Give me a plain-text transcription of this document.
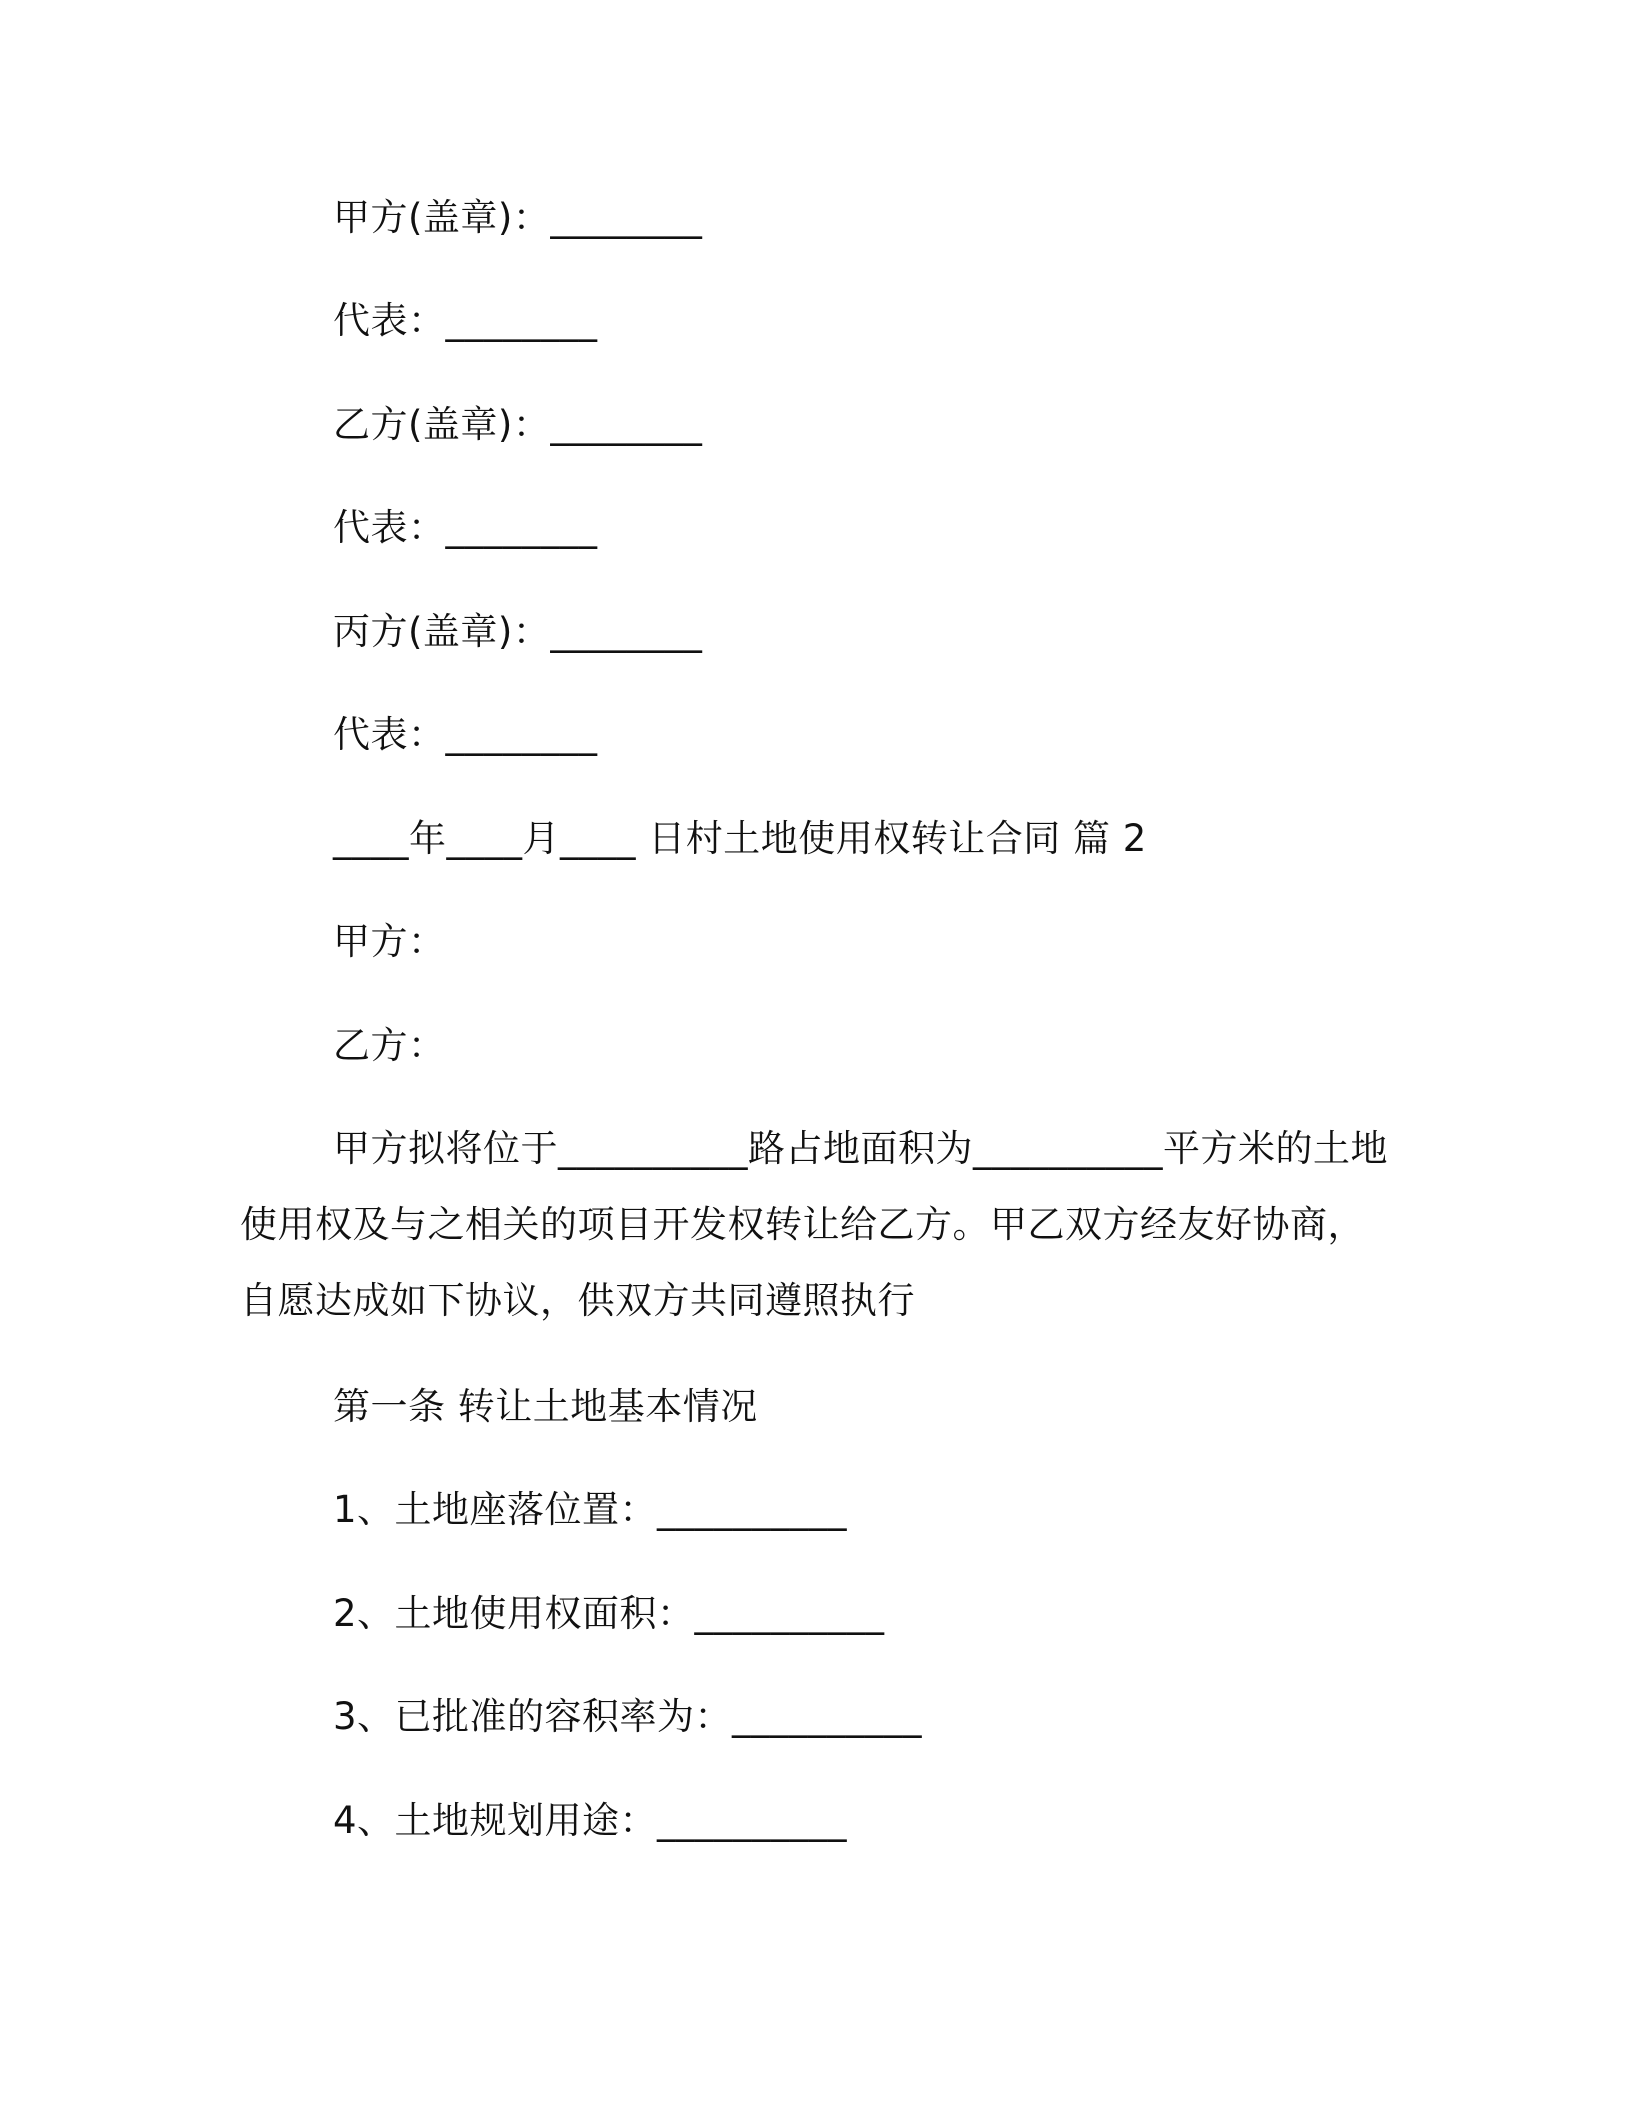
甲方(盖章)：________
代表：________
乙方(盖章)：________
代表：________
丙方(盖章)：________
代表：________
____年____月____ 日村土地使用权转让合同 篇 2
甲方：
乙方：
甲方拟将位于__________路占地面积为__________平方米的土地使用权及与之相关的项目开发权转让给乙方。甲乙双方经友好协商，自愿达成如下协议，供双方共同遵照执行
第一条 转让土地基本情况
1、土地座落位置：__________
2、土地使用权面积：__________
3、已批准的容积率为：__________
4、土地规划用途：__________
